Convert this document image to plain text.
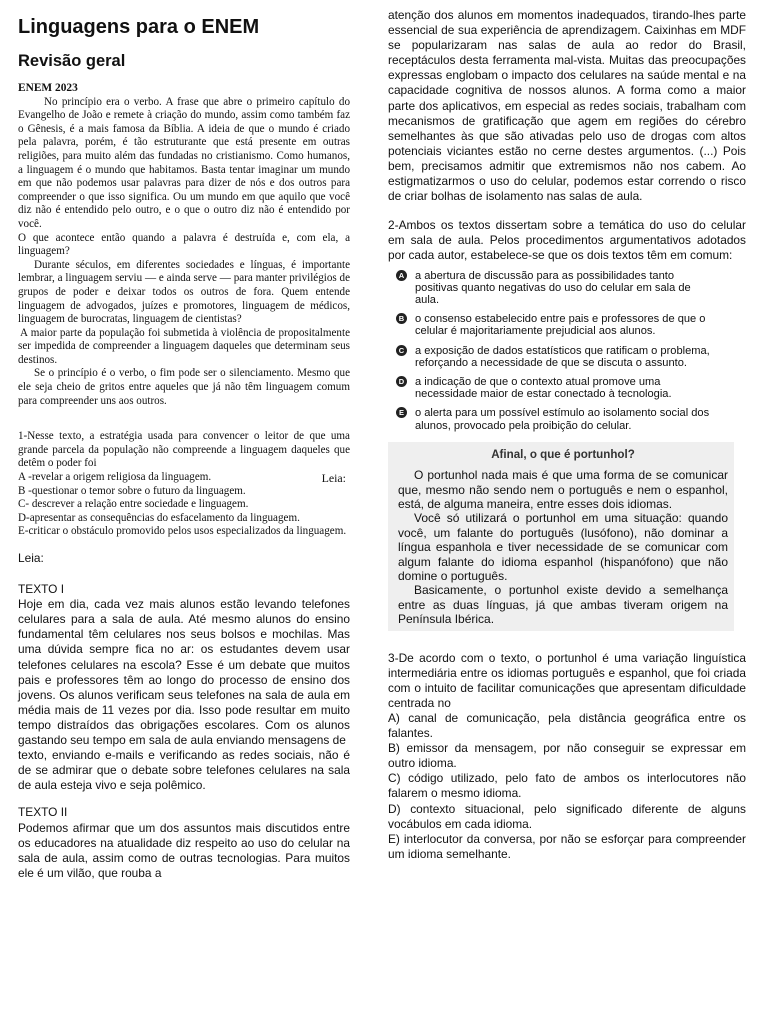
Linguagens para o ENEM
Revisão geral

ENEM 2023

No princípio era o verbo. A frase que abre o primeiro capítulo do Evangelho de João e remete à criação do mundo, assim como também faz o Gênesis, é a mais famosa da Bíblia. A ideia de que o mundo é criado pela palavra, porém, é tão estruturante que está presente em outras religiões, para muito além das fundadas no cristianismo. Como humanos, a linguagem é o mundo que habitamos. Basta tentar imaginar um mundo em que não podemos usar palavras para dizer de nós e dos outros para compreender o que isso significa. Ou um mundo em que aquilo que você diz não é entendido pelo outro, e o que o outro diz não é entendido por você.

O que acontece então quando a palavra é destruída e, com ela, a linguagem?

Durante séculos, em diferentes sociedades e línguas, é importante lembrar, a linguagem serviu — e ainda serve — para manter privilégios de grupos de poder e deixar todos os outros de fora. Quem entende linguagem de advogados, juízes e promotores, linguagem de médicos, linguagem de burocratas, linguagem de cientistas?

A maior parte da população foi submetida à violência de propositalmente ser impedida de compreender a linguagem daqueles que determinam seus destinos.

Se o princípio é o verbo, o fim pode ser o silenciamento. Mesmo que ele seja cheio de gritos entre aqueles que já não têm linguagem comum para compreender uns aos outros.

1-Nesse texto, a estratégia usada para convencer o leitor de que uma grande parcela da população não compreende a linguagem daqueles que detêm o poder foi

Leia:

A -revelar a origem religiosa da linguagem.

B -questionar o temor sobre o futuro da linguagem.

C- descrever a relação entre sociedade e linguagem.

D-apresentar as consequências do esfacelamento da linguagem.

E-criticar o obstáculo promovido pelos usos especializados da linguagem.

Leia:

TEXTO I

Hoje em dia, cada vez mais alunos estão levando telefones celulares para a sala de aula. Até mesmo alunos do ensino fundamental têm celulares nos seus bolsos e mochilas. Mas uma dúvida sempre fica no ar: os estudantes devem usar telefones celulares na escola? Esse é um debate que muitos pais e professores têm ao longo do processo de ensino dos jovens. Os alunos verificam seus telefones na sala de aula em média mais de 11 vezes por dia. Isso pode resultar em muito tempo distraídos das obrigações escolares. Com os alunos gastando seu tempo em sala de aula enviando mensagens de

texto, enviando e-mails e verificando as redes sociais, não é de se admirar que o debate sobre telefones celulares na sala de aula esteja vivo e seja polêmico.

TEXTO II

Podemos afirmar que um dos assuntos mais discutidos entre os educadores na atualidade diz respeito ao uso do celular na sala de aula, assim como de outras tecnologias. Para muitos ele é um vilão, que rouba a

atenção dos alunos em momentos inadequados, tirando-lhes parte essencial de sua experiência de aprendizagem. Caixinhas em MDF se popularizaram nas salas de aula ao redor do Brasil, receptáculos desta ferramenta mal-vista. Muitas das preocupações expressas englobam o impacto dos celulares na saúde mental e na capacidade cognitiva de nossos alunos. A forma como a maior parte dos aplicativos, em especial as redes sociais, trabalham com mecanismos de gratificação que agem em regiões do cérebro semelhantes às que são ativadas pelo uso de drogas com altos potenciais viciantes estão no cerne destes argumentos. (...) Pois bem, precisamos admitir que extremismos não nos cabem. Ao estigmatizarmos o uso do celular, podemos estar correndo o risco de criar bolhas de isolamento nas salas de aula.
2-Ambos os textos dissertam sobre a temática do uso do celular em sala de aula. Pelos procedimentos argumentativos adotados por cada autor, estabelece-se que os dois textos têm em comum:
A a abertura de discussão para as possibilidades tanto positivas quanto negativas do uso do celular em sala de aula.
B o consenso estabelecido entre pais e professores de que o celular é majoritariamente prejudicial aos alunos.
C a exposição de dados estatísticos que ratificam o problema, reforçando a necessidade de que se discuta o assunto.
D a indicação de que o contexto atual promove uma necessidade maior de estar conectado à tecnologia.
E o alerta para um possível estímulo ao isolamento social dos alunos, provocado pela proibição do celular.
Afinal, o que é portunhol?

O portunhol nada mais é que uma forma de se comunicar que, mesmo não sendo nem o português e nem o espanhol, está, de alguma maneira, entre esses dois idiomas.

Você só utilizará o portunhol em uma situação: quando você, um falante do português (lusófono), não dominar a língua espanhola e tiver necessidade de se comunicar com algum falante do idioma espanhol (hispanófono) que não domine o português.

Basicamente, o portunhol existe devido a semelhança entre as duas línguas, já que ambas tiveram origem na Península Ibérica.

3-De acordo com o texto, o portunhol é uma variação linguística intermediária entre os idiomas português e espanhol, que foi criada com o intuito de facilitar comunicações que apresentam dificuldade centrada no

A) canal de comunicação, pela distância geográfica entre os falantes.

B) emissor da mensagem, por não conseguir se expressar em outro idioma.

C) código utilizado, pelo fato de ambos os interlocutores não falarem o mesmo idioma.

D) contexto situacional, pelo significado diferente de alguns vocábulos em cada idioma.

E) interlocutor da conversa, por não se esforçar para compreender um idioma semelhante.
